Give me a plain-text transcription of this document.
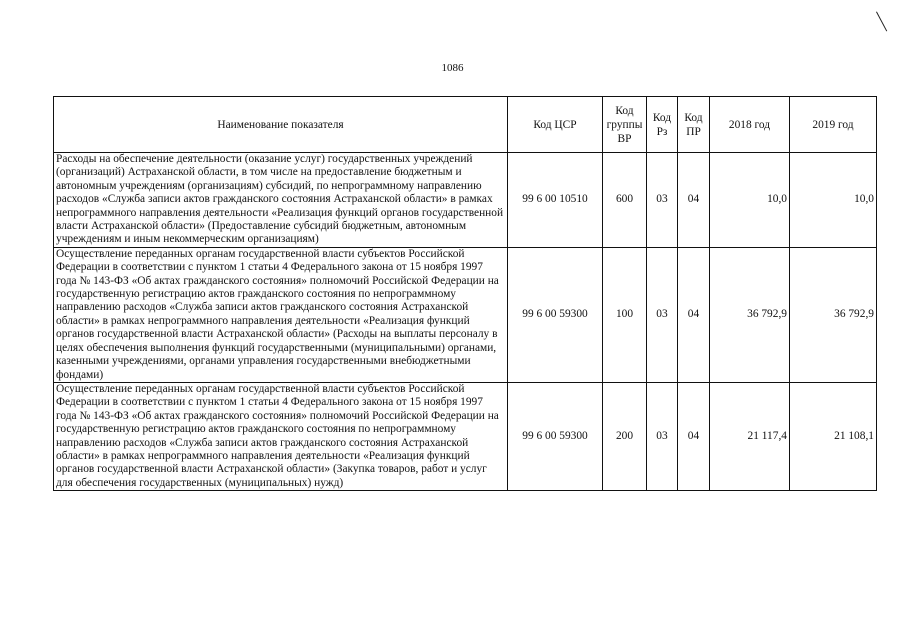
1086
Наименование показателя	Код ЦСР	Код группы ВР	Код Рз	Код ПР	2018 год	2019 год
Расходы на обеспечение деятельности (оказание услуг) государственных учреждений (организаций) Астраханской области, в том числе на предоставление бюджетным и автономным учреждениям (организациям) субсидий, по непрограммному направлению расходов «Служба записи актов гражданского состояния Астраханской области» в рамках непрограммного направления деятельности «Реализация функций органов государственной власти Астраханской области» (Предоставление субсидий бюджетным, автономным учреждениям и иным некоммерческим организациям)	99 6 00 10510	600	03	04	10,0	10,0
Осуществление переданных органам государственной власти субъектов Российской Федерации в соответствии с пунктом 1 статьи 4 Федерального закона от 15 ноября 1997 года № 143-ФЗ «Об актах гражданского состояния» полномочий Российской Федерации на государственную регистрацию актов гражданского состояния по непрограммному направлению расходов «Служба записи актов гражданского состояния Астраханской области» в рамках непрограммного направления деятельности «Реализация функций органов государственной власти Астраханской области» (Расходы на выплаты персоналу в целях обеспечения выполнения функций государственными (муниципальными) органами, казенными учреждениями, органами управления государственными внебюджетными фондами)	99 6 00 59300	100	03	04	36 792,9	36 792,9
Осуществление переданных органам государственной власти субъектов Российской Федерации в соответствии с пунктом 1 статьи 4 Федерального закона от 15 ноября 1997 года № 143-ФЗ «Об актах гражданского состояния» полномочий Российской Федерации на государственную регистрацию актов гражданского состояния по непрограммному направлению расходов «Служба записи актов гражданского состояния Астраханской области» в рамках непрограммного направления деятельности «Реализация функций органов государственной власти Астраханской области» (Закупка товаров, работ и услуг для обеспечения государственных (муниципальных) нужд)	99 6 00 59300	200	03	04	21 117,4	21 108,1
